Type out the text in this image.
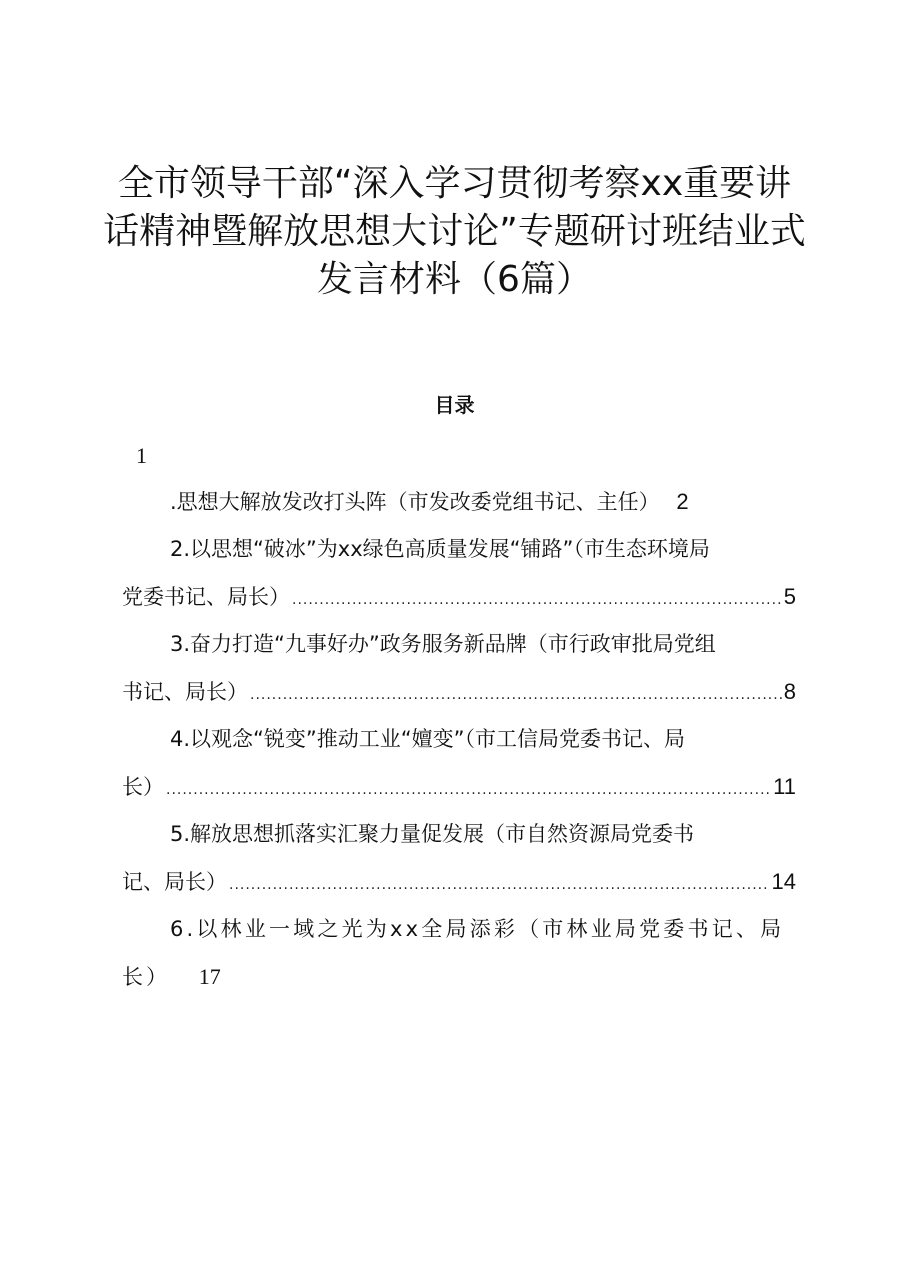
全市领导干部“深入学习贯彻考察xx重要讲
话精神暨解放思想大讨论”专题研讨班结业式
发言材料（6篇）
目录
1
.思想大解放发改打头阵（市发改委党组书记、主任） 2
2.以思想“破冰”为xx绿色高质量发展“铺路”（市生态环境局
党委书记、局长） .....	5
3.奋力打造“九事好办”政务服务新品牌（市行政审批局党组
书记、局长） .....	8
4.以观念“锐变”推动工业“嬗变”（市工信局党委书记、局
长） .....	11
5.解放思想抓落实汇聚力量促发展（市自然资源局党委书
记、局长） .....	14
6.以林业一域之光为xx全局添彩（市林业局党委书记、局
长） 17
